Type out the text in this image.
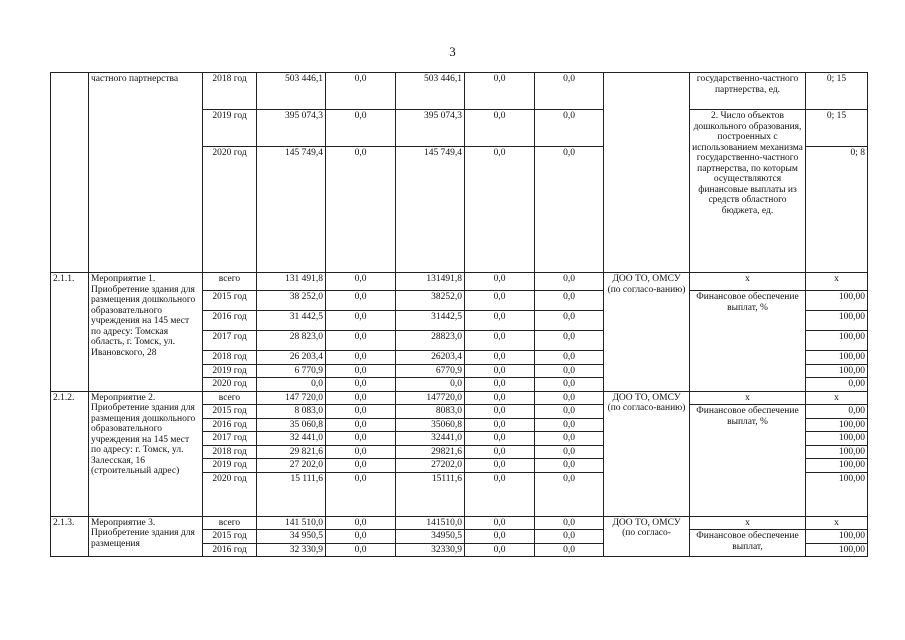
3
	частного партнерства	2018 год	503 446,1	0,0	503 446,1	0,0	0,0		государственно-частного партнерства, ед.	0; 15
		2019 год	395 074,3	0,0	395 074,3	0,0	0,0		2. Число объектов дошкольного образования, построенных с использованием механизма государственно-частного партнерства, по которым осуществляются финансовые выплаты из средств областного бюджета, ед.	0; 15
		2020 год	145 749,4	0,0	145 749,4	0,0	0,0			0; 8
2.1.1.	Мероприятие 1. Приобретение здания для размещения дошкольного образовательного учреждения на 145 мест по адресу: Томская область, г. Томск, ул. Ивановского, 28	всего	131 491,8	0,0	131491,8	0,0	0,0	ДОО ТО, ОМСУ (по согласо-ванию)	x	x
		2015 год	38 252,0	0,0	38252,0	0,0	0,0		Финансовое обеспечение выплат, %	100,00
		2016 год	31 442,5	0,0	31442,5	0,0	0,0			100,00
		2017 год	28 823,0	0,0	28823,0	0,0	0,0			100,00
		2018 год	26 203,4	0,0	26203,4	0,0	0,0			100,00
		2019 год	6 770,9	0,0	6770,9	0,0	0,0			100,00
		2020 год	0,0	0,0	0,0	0,0	0,0			0,00
2.1.2.	Мероприятие 2. Приобретение здания для размещения дошкольного образовательного учреждения на 145 мест по адресу: г. Томск, ул. Залесская, 16 (строительный адрес)	всего	147 720,0	0,0	147720,0	0,0	0,0	ДОО ТО, ОМСУ (по согласо-ванию)	x	x
		2015 год	8 083,0	0,0	8083,0	0,0	0,0		Финансовое обеспечение выплат, %	0,00
		2016 год	35 060,8	0,0	35060,8	0,0	0,0			100,00
		2017 год	32 441,0	0,0	32441,0	0,0	0,0			100,00
		2018 год	29 821,6	0,0	29821,6	0,0	0,0			100,00
		2019 год	27 202,0	0,0	27202,0	0,0	0,0			100,00
		2020 год	15 111,6	0,0	15111,6	0,0	0,0			100,00
2.1.3.	Мероприятие 3. Приобретение здания для размещения	всего	141 510,0	0,0	141510,0	0,0	0,0	ДОО ТО, ОМСУ (по согласо-	x	x
		2015 год	34 950,5	0,0	34950,5	0,0	0,0		Финансовое обеспечение выплат,	100,00
		2016 год	32 330,9	0,0	32330,9	0,0	0,0			100,00
